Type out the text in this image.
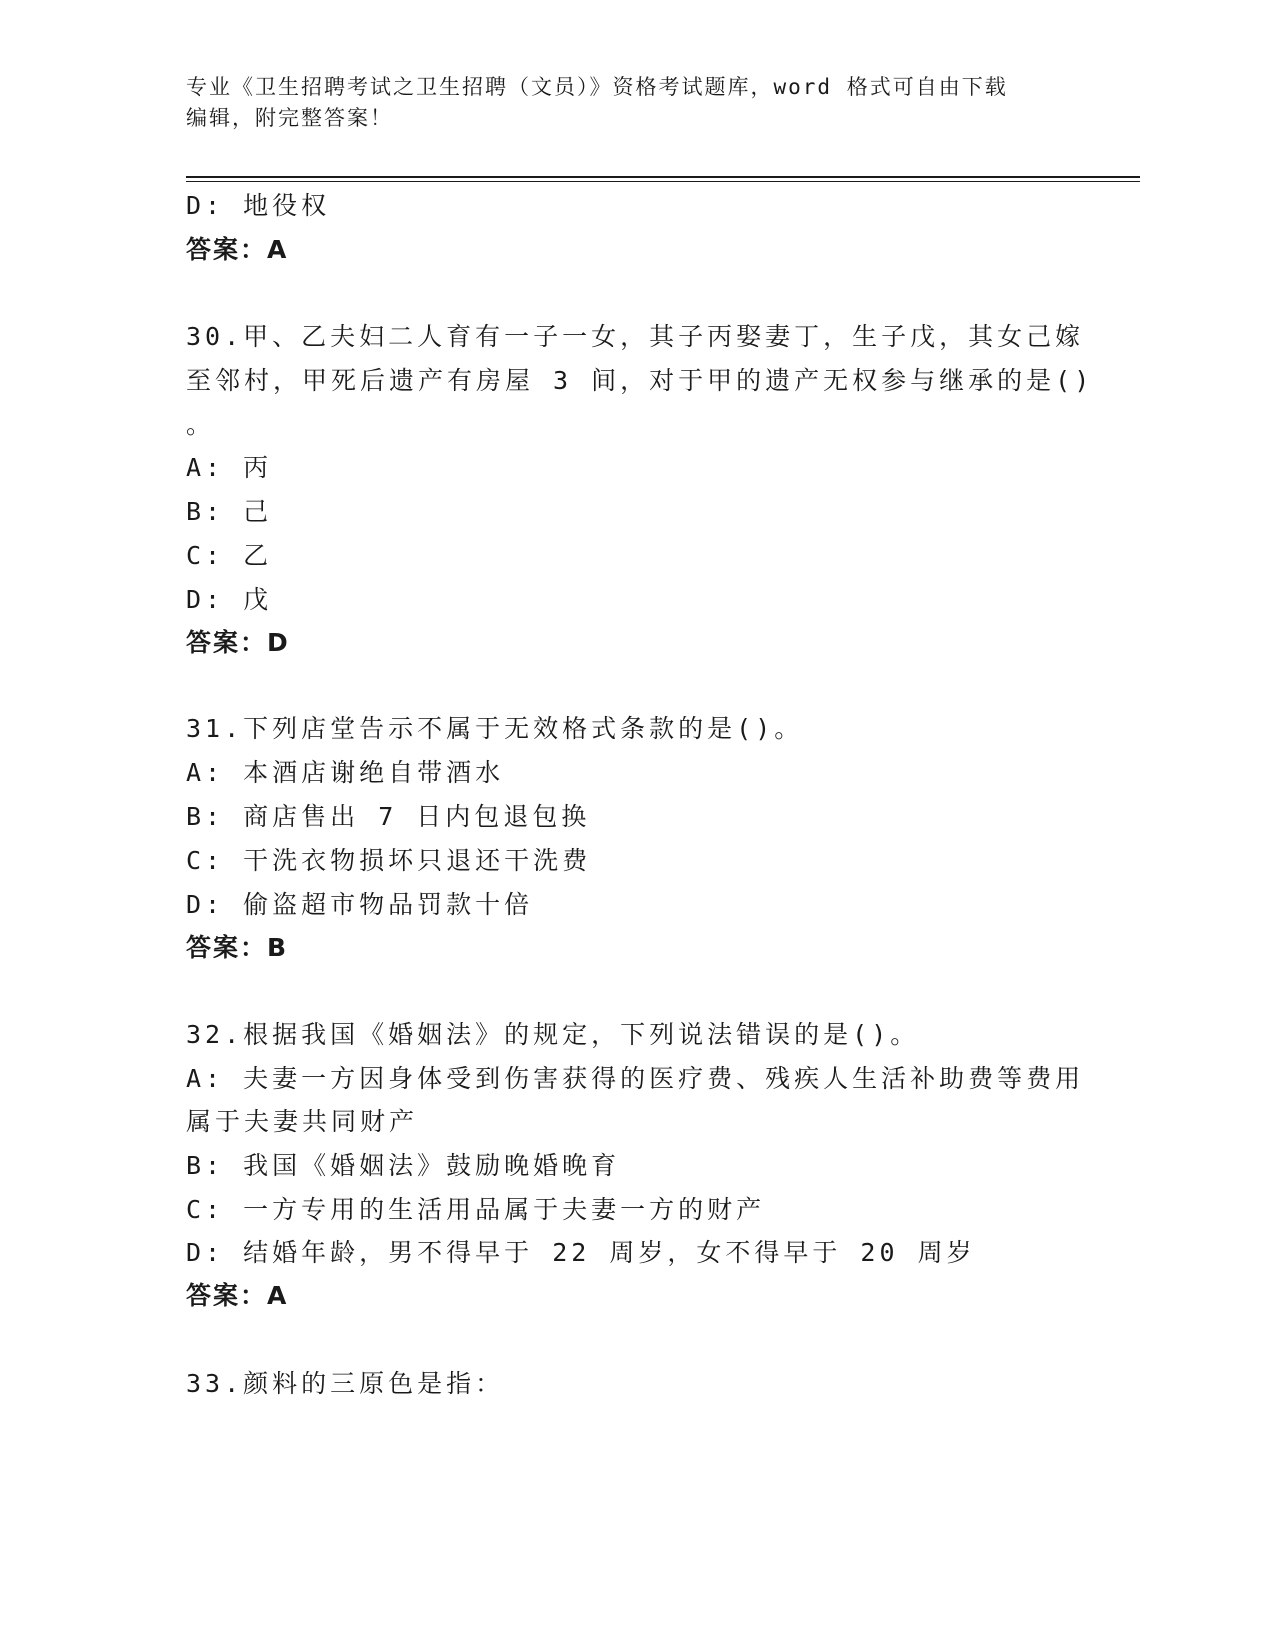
专业《卫生招聘考试之卫生招聘（文员）》资格考试题库，word 格式可自由下载
编辑，附完整答案！
D: 地役权
答案：A
30.甲、乙夫妇二人育有一子一女，其子丙娶妻丁，生子戊，其女己嫁
至邻村，甲死后遗产有房屋 3 间，对于甲的遗产无权参与继承的是()
。
A: 丙
B: 己
C: 乙
D: 戊
答案：D
31.下列店堂告示不属于无效格式条款的是()。
A: 本酒店谢绝自带酒水
B: 商店售出 7 日内包退包换
C: 干洗衣物损坏只退还干洗费
D: 偷盗超市物品罚款十倍
答案：B
32.根据我国《婚姻法》的规定，下列说法错误的是()。
A: 夫妻一方因身体受到伤害获得的医疗费、残疾人生活补助费等费用
属于夫妻共同财产
B: 我国《婚姻法》鼓励晚婚晚育
C: 一方专用的生活用品属于夫妻一方的财产
D: 结婚年龄，男不得早于 22 周岁，女不得早于 20 周岁
答案：A
33.颜料的三原色是指：
